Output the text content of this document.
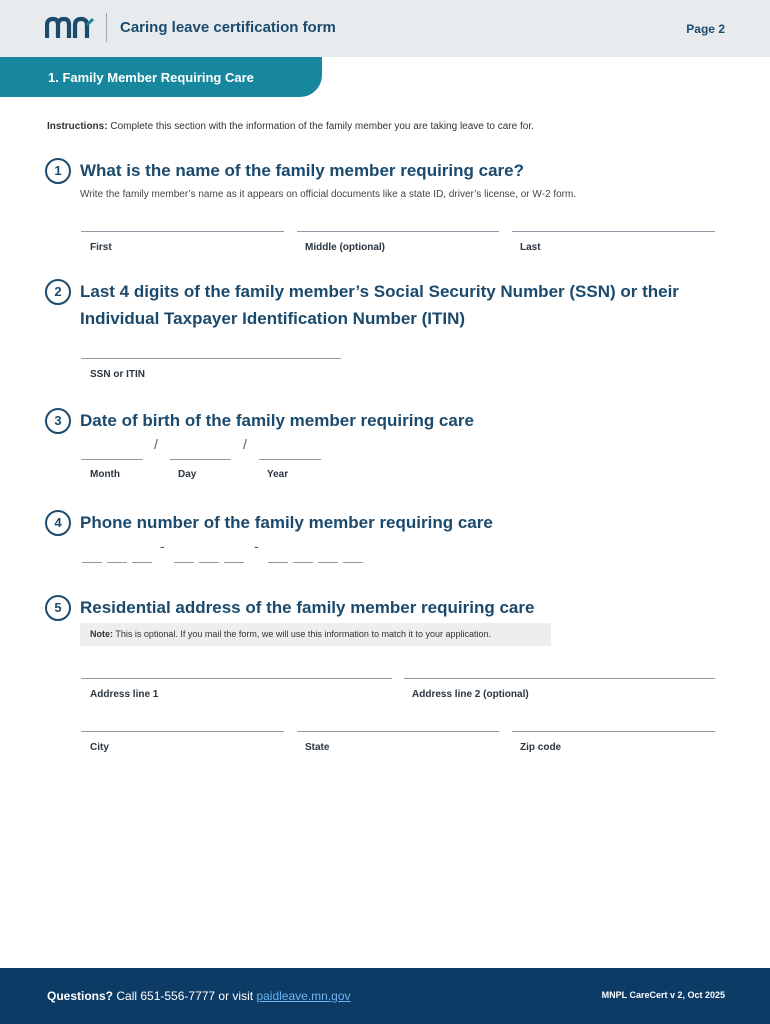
Caring leave certification form	Page 2
1. Family Member Requiring Care
Instructions: Complete this section with the information of the family member you are taking leave to care for.
1	What is the name of the family member requiring care?
Write the family member’s name as it appears on official documents like a state ID, driver’s license, or W-2 form.
First	Middle (optional)	Last
2	Last 4 digits of the family member’s Social Security Number (SSN) or their
Individual Taxpayer Identification Number (ITIN)
SSN or ITIN
3	Date of birth of the family member requiring care
/	/
Month	Day	Year
4	Phone number of the family member requiring care
-	-
5	Residential address of the family member requiring care
Note: This is optional. If you mail the form, we will use this information to match it to your application.
Address line 1	Address line 2 (optional)
City	State	Zip code
Questions? Call 651-556-7777 or visit paidleave.mn.gov	MNPL CareCert v 2, Oct 2025
